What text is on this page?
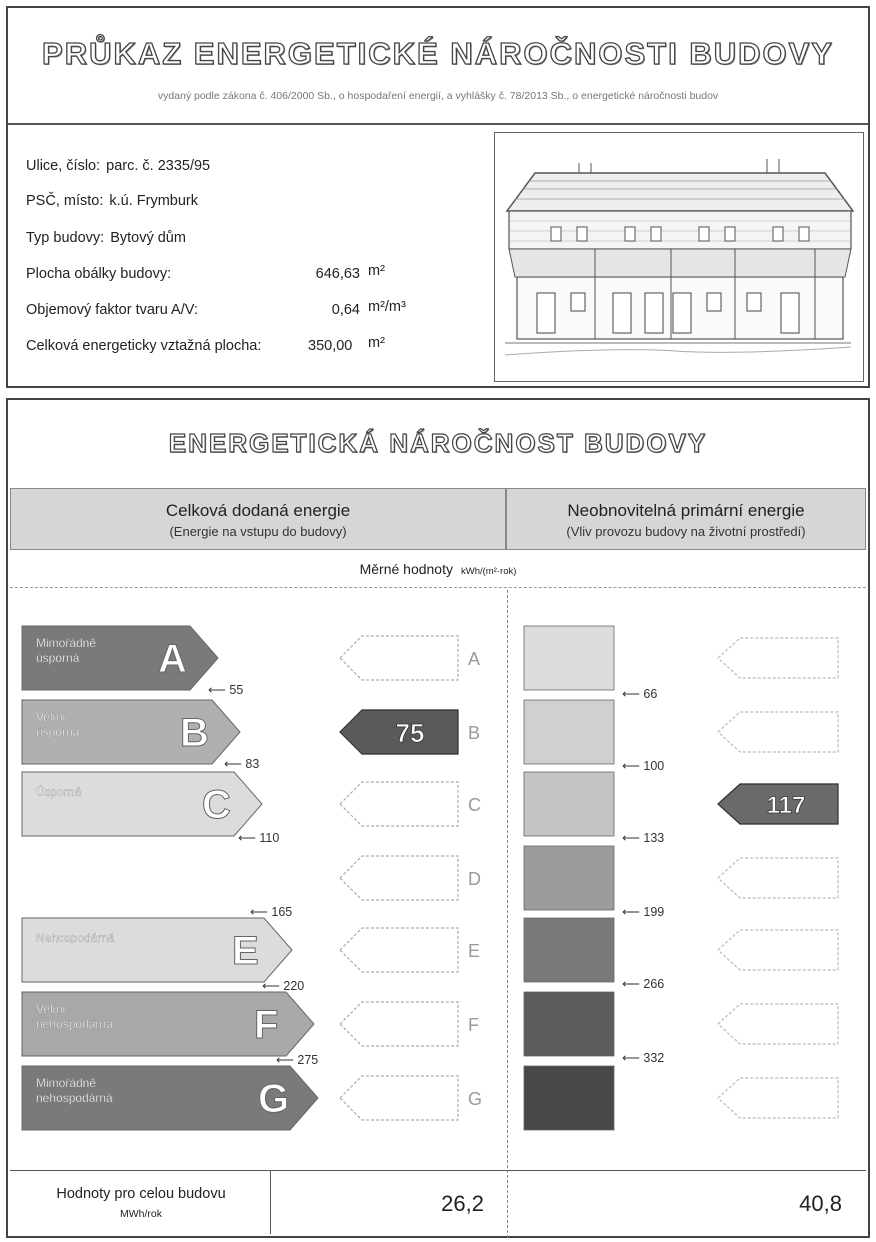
PRŮKAZ ENERGETICKÉ NÁROČNOSTI BUDOVY
vydaný podle zákona č. 406/2000 Sb., o hospodaření energií, a vyhlášky č. 78/2013 Sb., o energetické náročnosti budov
Ulice, číslo: parc. č. 2335/95
PSČ, místo: k.ú. Frymburk
Typ budovy: Bytový dům
Plocha obálky budovy:	646,63 m²
Objemový faktor tvaru A/V:	0,64 m²/m³
Celková energeticky vztažná plocha:	350,00 m²
ENERGETICKÁ NÁROČNOST BUDOVY
Celková dodaná energie
(Energie na vstupu do budovy)
Neobnovitelná primární energie
(Vliv provozu budovy na životní prostředí)
Měrné hodnoty kWh/(m²·rok)
Mimořádně
úsporná A	A
Velmi
úsporná	B	B
Úsporná	C	C
D
Nehospodárná	E	E
Velmi
nehospodárná	F	F
Mimořádně
nehospodárná	G	G
⟵ 55
⟵ 83
⟵ 110
⟵ 165
⟵ 220
⟵ 275
⟵ 66
⟵ 100
⟵ 133
⟵ 199
⟵ 266
⟵ 332
75
117
Hodnoty pro celou budovu
MWh/rok	26,2	40,8
